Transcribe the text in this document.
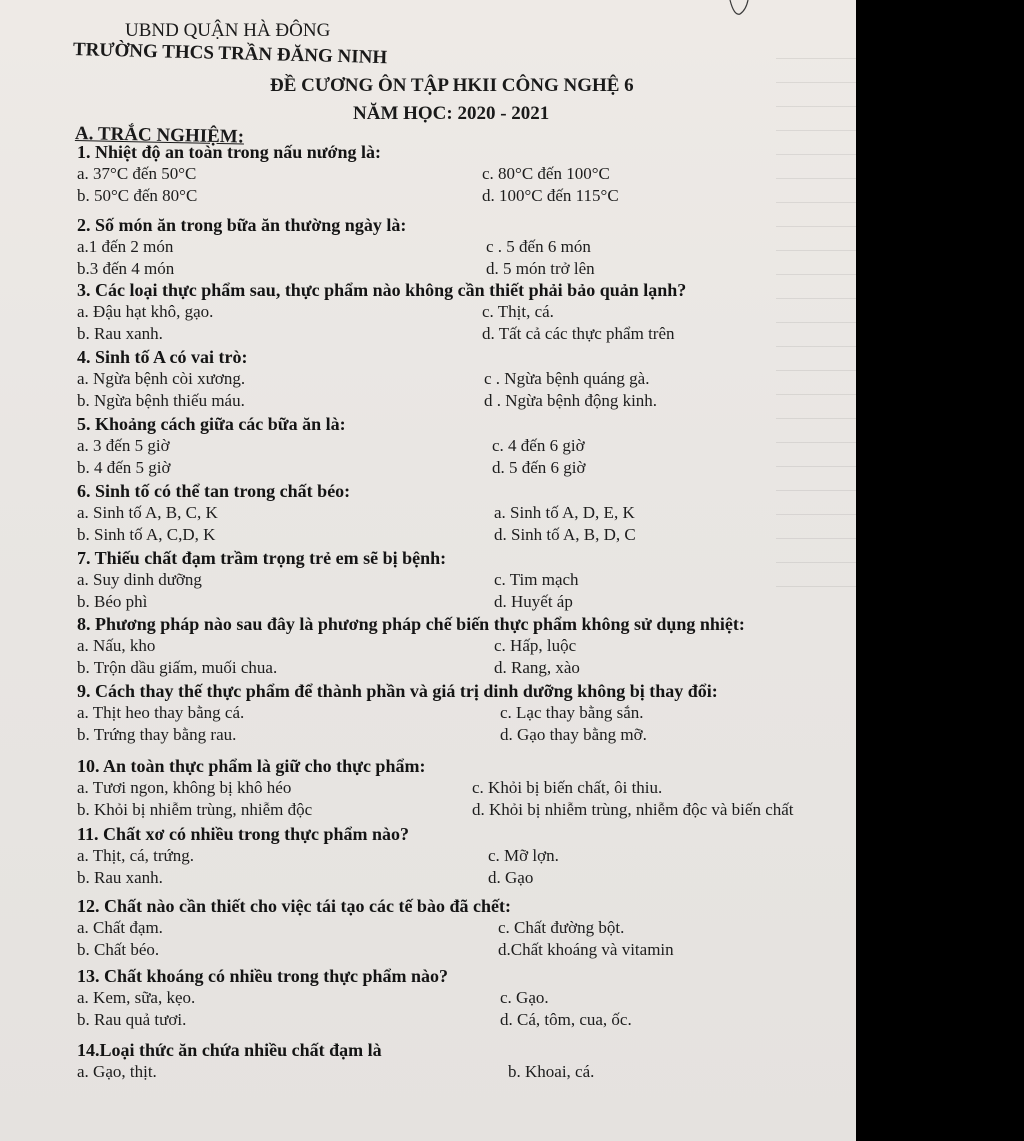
UBND QUẬN HÀ ĐÔNG
TRƯỜNG THCS TRẦN ĐĂNG NINH
ĐỀ CƯƠNG ÔN TẬP HKII CÔNG NGHỆ 6
NĂM HỌC: 2020 - 2021
A. TRẮC NGHIỆM:
1. Nhiệt độ an toàn trong nấu nướng là:
a. 37°C đến 50°C
b. 50°C đến 80°C
c. 80°C đến 100°C
d. 100°C đến 115°C
2. Số món ăn trong bữa ăn thường ngày là:
a.1 đến 2 món
b.3 đến 4 món
c . 5 đến 6 món
d. 5 món trở lên
3. Các loại thực phẩm sau, thực phẩm nào không cần thiết phải bảo quản lạnh?
a. Đậu hạt khô, gạo.
b. Rau xanh.
c. Thịt, cá.
d. Tất cả các thực phẩm trên
4. Sinh tố A có vai trò:
a. Ngừa bệnh còi xương.
b. Ngừa bệnh thiếu máu.
c . Ngừa bệnh quáng gà.
d . Ngừa bệnh động kinh.
5. Khoảng cách giữa các bữa ăn là:
a. 3 đến 5 giờ
b. 4 đến 5 giờ
c. 4 đến 6 giờ
d. 5 đến 6 giờ
6. Sinh tố có thể tan trong chất béo:
a. Sinh tố A, B, C, K
b. Sinh tố A, C,D, K
a. Sinh tố A, D, E, K
d. Sinh tố A, B, D, C
7. Thiếu chất đạm trầm trọng trẻ em sẽ bị bệnh:
a. Suy dinh dưỡng
b. Béo phì
c. Tim mạch
d. Huyết áp
8. Phương pháp nào sau đây là phương pháp chế biến thực phẩm không sử dụng nhiệt:
a. Nấu, kho
b. Trộn dầu giấm, muối chua.
c. Hấp, luộc
d. Rang, xào
9. Cách thay thế thực phẩm để thành phần và giá trị dinh dưỡng không bị thay đổi:
a. Thịt heo thay bằng cá.
b. Trứng thay bằng rau.
c. Lạc thay bằng sắn.
d. Gạo thay bằng mỡ.
10. An toàn thực phẩm là giữ cho thực phẩm:
a. Tươi ngon, không bị khô héo
b. Khỏi bị nhiễm trùng, nhiễm độc
c. Khỏi bị biến chất, ôi thiu.
d. Khỏi bị nhiễm trùng, nhiễm độc và biến chất
11. Chất xơ có nhiều trong thực phẩm nào?
a. Thịt, cá, trứng.
b. Rau xanh.
c. Mỡ lợn.
d. Gạo
12. Chất nào cần thiết cho việc tái tạo các tế bào đã chết:
a. Chất đạm.
b. Chất béo.
c. Chất đường bột.
d.Chất khoáng và vitamin
13. Chất khoáng có nhiều trong thực phẩm nào?
a. Kem, sữa, kẹo.
b. Rau quả tươi.
c. Gạo.
d. Cá, tôm, cua, ốc.
14.Loại thức ăn chứa nhiều chất đạm là
a. Gạo, thịt.	b. Khoai, cá.
